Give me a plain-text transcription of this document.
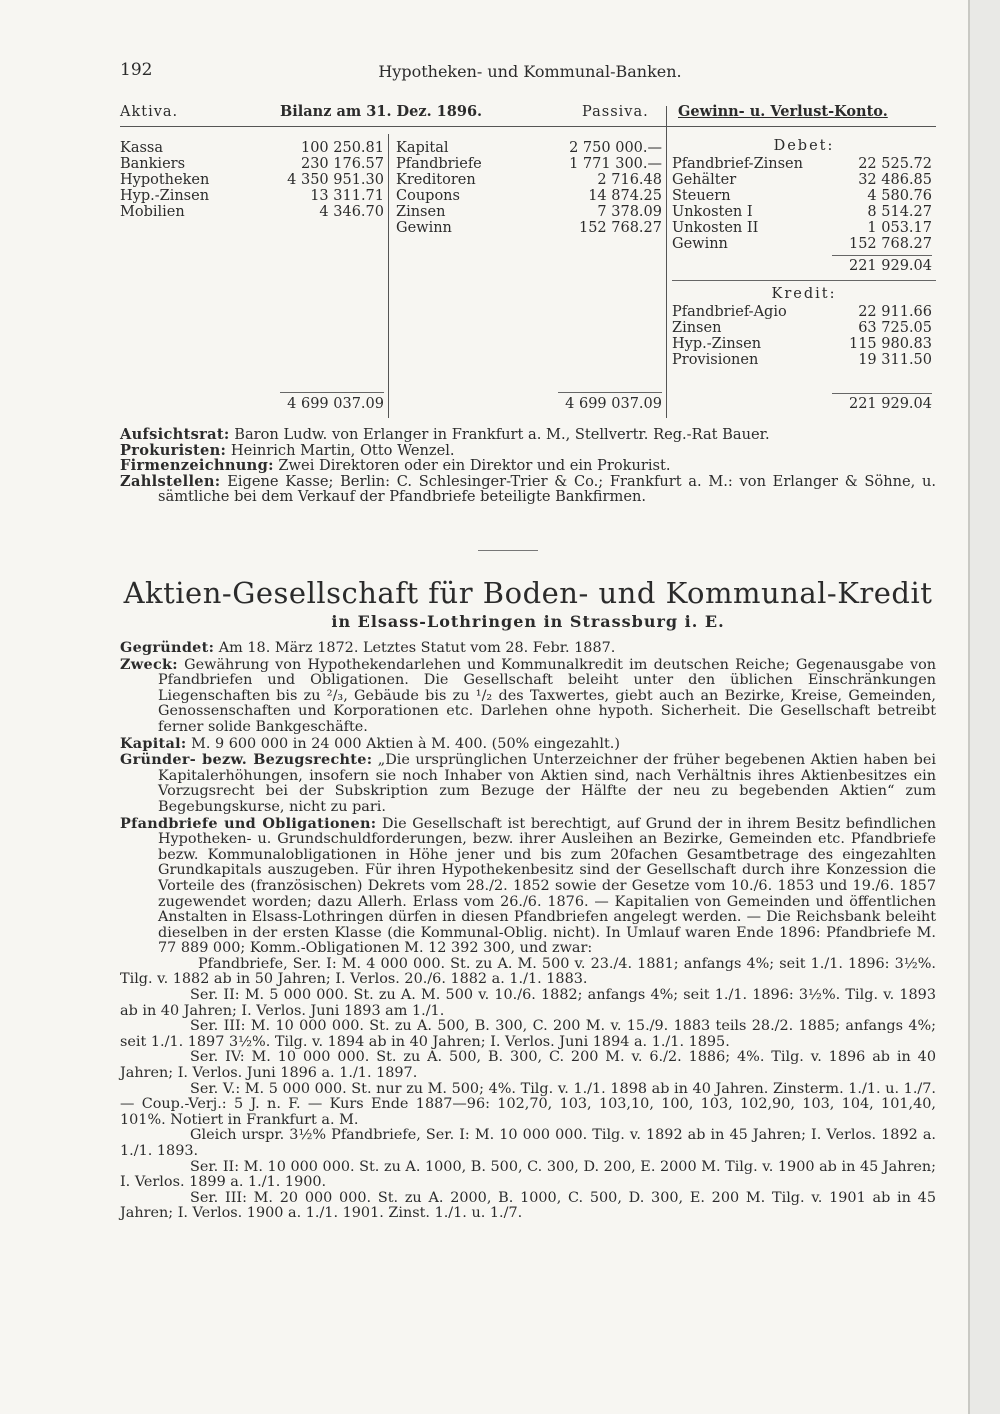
192	Hypotheken- und Kommunal-Banken.
Aktiva.	Bilanz am 31. Dez. 1896.	Passiva. Gewinn- u. Verlust-Konto.
Kassa	100 250.81
Bankiers	230 176.57
Hypotheken	4 350 951.30
Hyp.-Zinsen	13 311.71
Mobilien	4 346.70
Kapital	2 750 000.—
Pfandbriefe	1 771 300.—
Kreditoren	2 716.48
Coupons	14 874.25
Zinsen	7 378.09
Gewinn	152 768.27
4 699 037.09	4 699 037.09
Debet:
Pfandbrief-Zinsen	22 525.72
Gehälter	32 486.85
Steuern	4 580.76
Unkosten I	8 514.27
Unkosten II	1 053.17
Gewinn	152 768.27
221 929.04
Kredit:
Pfandbrief-Agio	22 911.66
Zinsen	63 725.05
Hyp.-Zinsen	115 980.83
Provisionen	19 311.50
221 929.04

Aufsichtsrat: Baron Ludw. von Erlanger in Frankfurt a. M., Stellvertr. Reg.-Rat Bauer.

Prokuristen: Heinrich Martin, Otto Wenzel.

Firmenzeichnung: Zwei Direktoren oder ein Direktor und ein Prokurist.

Zahlstellen: Eigene Kasse; Berlin: C. Schlesinger-Trier & Co.; Frankfurt a. M.: von Erlanger & Söhne, u. sämtliche bei dem Verkauf der Pfandbriefe beteiligte Bankfirmen.

Aktien-Gesellschaft für Boden- und Kommunal-Kredit
in Elsass-Lothringen in Strassburg i. E.

Gegründet: Am 18. März 1872. Letztes Statut vom 28. Febr. 1887.

Zweck: Gewährung von Hypothekendarlehen und Kommunalkredit im deutschen Reiche; Gegenausgabe von Pfandbriefen und Obligationen. Die Gesellschaft beleiht unter den üblichen Einschränkungen Liegenschaften bis zu ²/₃, Gebäude bis zu ¹/₂ des Taxwertes, giebt auch an Bezirke, Kreise, Gemeinden, Genossenschaften und Korporationen etc. Darlehen ohne hypoth. Sicherheit. Die Gesellschaft betreibt ferner solide Bankgeschäfte.

Kapital: M. 9 600 000 in 24 000 Aktien à M. 400. (50% eingezahlt.)

Gründer- bezw. Bezugsrechte: „Die ursprünglichen Unterzeichner der früher begebenen Aktien haben bei Kapitalerhöhungen, insofern sie noch Inhaber von Aktien sind, nach Verhältnis ihres Aktienbesitzes ein Vorzugsrecht bei der Subskription zum Bezuge der Hälfte der neu zu begebenden Aktien“ zum Begebungskurse, nicht zu pari.

Pfandbriefe und Obligationen: Die Gesellschaft ist berechtigt, auf Grund der in ihrem Besitz befindlichen Hypotheken- u. Grundschuldforderungen, bezw. ihrer Ausleihen an Bezirke, Gemeinden etc. Pfandbriefe bezw. Kommunalobligationen in Höhe jener und bis zum 20fachen Gesamtbetrage des eingezahlten Grundkapitals auszugeben. Für ihren Hypothekenbesitz sind der Gesellschaft durch ihre Konzession die Vorteile des (französischen) Dekrets vom 28./2. 1852 sowie der Gesetze vom 10./6. 1853 und 19./6. 1857 zugewendet worden; dazu Allerh. Erlass vom 26./6. 1876. — Kapitalien von Gemeinden und öffentlichen Anstalten in Elsass-Lothringen dürfen in diesen Pfandbriefen angelegt werden. — Die Reichsbank beleiht dieselben in der ersten Klasse (die Kommunal-Oblig. nicht). In Umlauf waren Ende 1896: Pfandbriefe M. 77 889 000; Komm.-Obligationen M. 12 392 300, und zwar:

Pfandbriefe, Ser. I: M. 4 000 000. St. zu A. M. 500 v. 23./4. 1881; anfangs 4%; seit 1./1. 1896: 3½%. Tilg. v. 1882 ab in 50 Jahren; I. Verlos. 20./6. 1882 a. 1./1. 1883.

Ser. II: M. 5 000 000. St. zu A. M. 500 v. 10./6. 1882; anfangs 4%; seit 1./1. 1896: 3½%. Tilg. v. 1893 ab in 40 Jahren; I. Verlos. Juni 1893 am 1./1.

Ser. III: M. 10 000 000. St. zu A. 500, B. 300, C. 200 M. v. 15./9. 1883 teils 28./2. 1885; anfangs 4%; seit 1./1. 1897 3½%. Tilg. v. 1894 ab in 40 Jahren; I. Verlos. Juni 1894 a. 1./1. 1895.

Ser. IV: M. 10 000 000. St. zu A. 500, B. 300, C. 200 M. v. 6./2. 1886; 4%. Tilg. v. 1896 ab in 40 Jahren; I. Verlos. Juni 1896 a. 1./1. 1897.

Ser. V.: M. 5 000 000. St. nur zu M. 500; 4%. Tilg. v. 1./1. 1898 ab in 40 Jahren. Zinsterm. 1./1. u. 1./7. — Coup.-Verj.: 5 J. n. F. — Kurs Ende 1887—96: 102,70, 103, 103,10, 100, 103, 102,90, 103, 104, 101,40, 101%. Notiert in Frankfurt a. M.

Gleich urspr. 3½% Pfandbriefe, Ser. I: M. 10 000 000. Tilg. v. 1892 ab in 45 Jahren; I. Verlos. 1892 a. 1./1. 1893.

Ser. II: M. 10 000 000. St. zu A. 1000, B. 500, C. 300, D. 200, E. 2000 M. Tilg. v. 1900 ab in 45 Jahren; I. Verlos. 1899 a. 1./1. 1900.

Ser. III: M. 20 000 000. St. zu A. 2000, B. 1000, C. 500, D. 300, E. 200 M. Tilg. v. 1901 ab in 45 Jahren; I. Verlos. 1900 a. 1./1. 1901. Zinst. 1./1. u. 1./7.
